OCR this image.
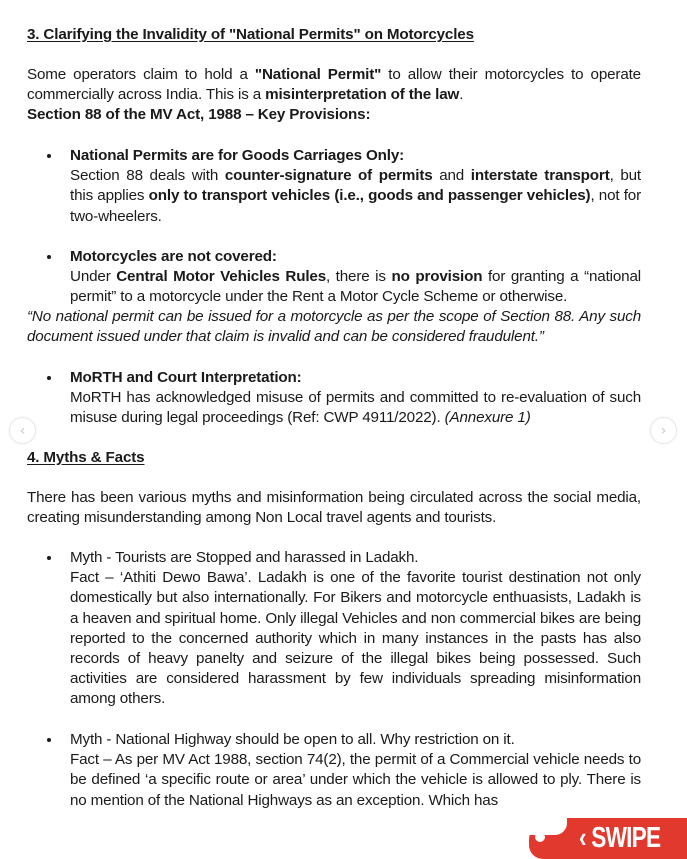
3. Clarifying the Invalidity of "National Permits" on Motorcycles
Some operators claim to hold a "National Permit" to allow their motorcycles to operate commercially across India. This is a misinterpretation of the law.
Section 88 of the MV Act, 1988 – Key Provisions:
National Permits are for Goods Carriages Only:
Section 88 deals with counter-signature of permits and interstate transport, but this applies only to transport vehicles (i.e., goods and passenger vehicles), not for two-wheelers.
Motorcycles are not covered:
Under Central Motor Vehicles Rules, there is no provision for granting a “national permit” to a motorcycle under the Rent a Motor Cycle Scheme or otherwise.
“No national permit can be issued for a motorcycle as per the scope of Section 88. Any such document issued under that claim is invalid and can be considered fraudulent.”
MoRTH and Court Interpretation:
MoRTH has acknowledged misuse of permits and committed to re-evaluation of such misuse during legal proceedings (Ref: CWP 4911/2022). (Annexure 1)
4. Myths & Facts
There has been various myths and misinformation being circulated across the social media, creating misunderstanding among Non Local travel agents and tourists.
Myth - Tourists are Stopped and harassed in Ladakh.
Fact – ‘Athiti Dewo Bawa’. Ladakh is one of the favorite tourist destination not only domestically but also internationally. For Bikers and motorcycle enthuasists, Ladakh is a heaven and spiritual home. Only illegal Vehicles and non commercial bikes are being reported to the concerned authority which in many instances in the pasts has also records of heavy panelty and seizure of the illegal bikes being possessed. Such activities are considered harassment by few individuals spreading misinformation among others.
Myth - National Highway should be open to all. Why restriction on it.
Fact – As per MV Act 1988, section 74(2), the permit of a Commercial vehicle needs to be defined ‘a specific route or area’ under which the vehicle is allowed to ply. There is no mention of the National Highways as an exception. Which has
‹	›
‹ SWIPE
